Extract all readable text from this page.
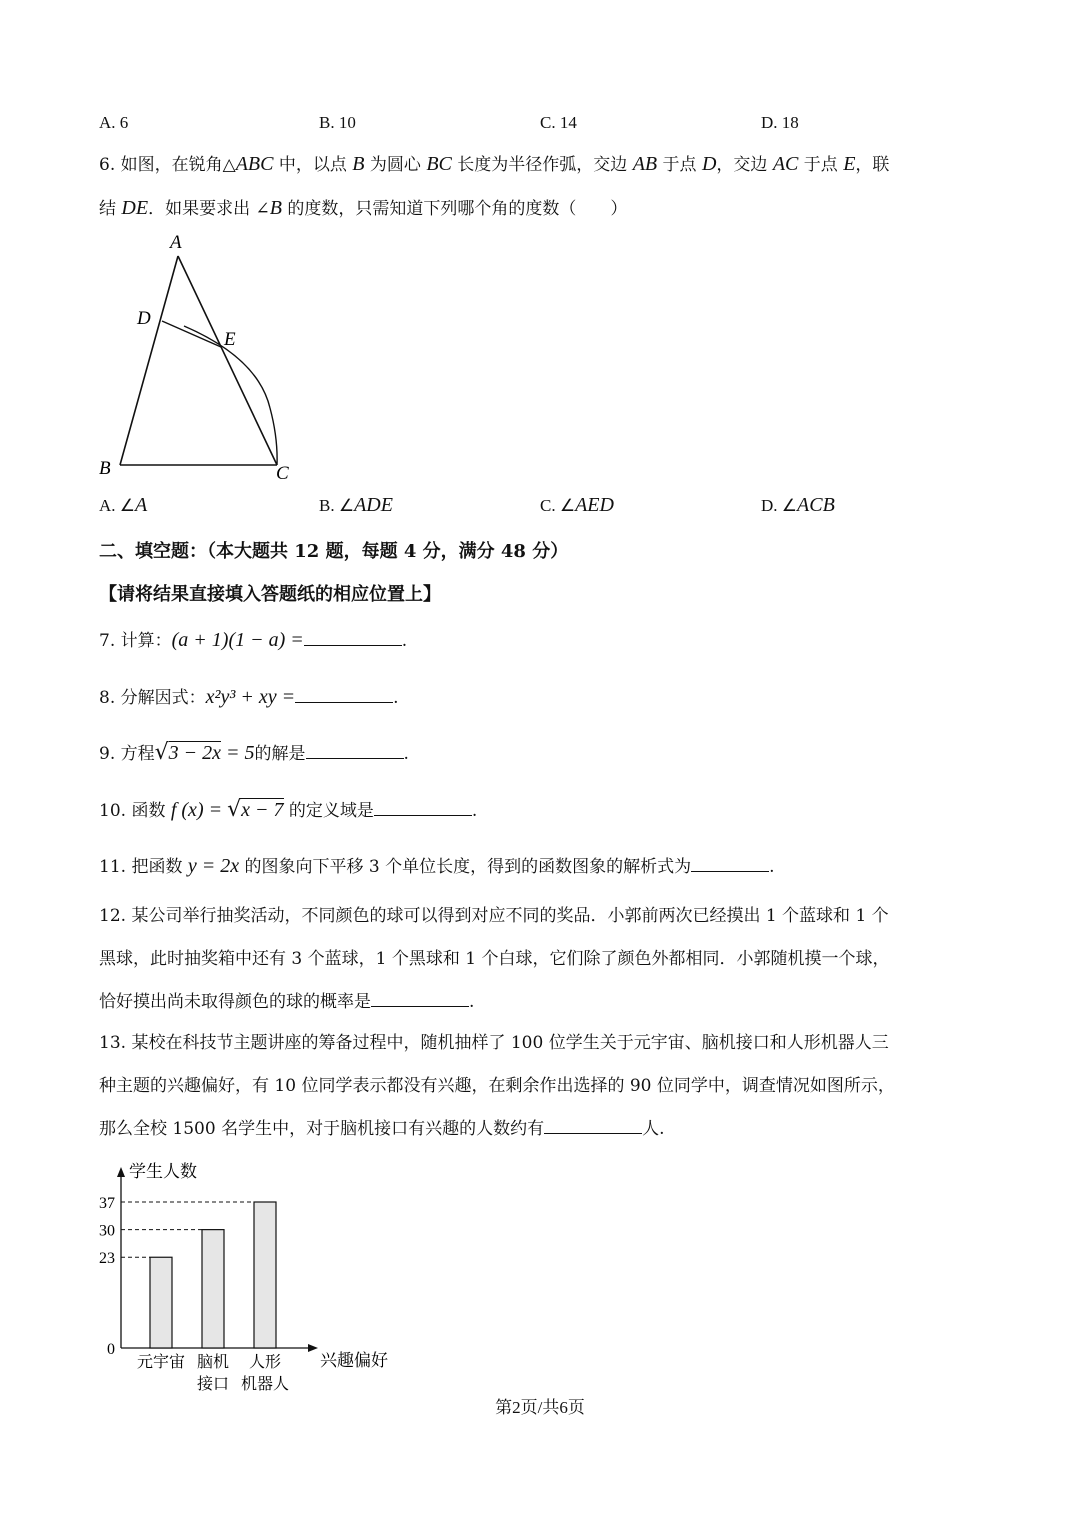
A. 6	B. 10	C. 14	D. 18
6. 如图，在锐角△ABC 中，以点 B 为圆心 BC 长度为半径作弧，交边 AB 于点 D，交边 AC 于点 E，联
结 DE．如果要求出 ∠B 的度数，只需知道下列哪个角的度数（　　）
A
D
E
B	C
A. ∠A	B. ∠ADE	C. ∠AED	D. ∠ACB
二、填空题：（本大题共 12 题，每题 4 分，满分 48 分）
【请将结果直接填入答题纸的相应位置上】
7. 计算：(a + 1)(1 − a) =	.
8. 分解因式：x²y³ + xy =	.
9. 方程√3 − 2x = 5的解是	.
10. 函数 f (x) = √x − 7 的定义域是	.
11. 把函数 y = 2x 的图象向下平移 3 个单位长度，得到的函数图象的解析式为	.
12. 某公司举行抽奖活动，不同颜色的球可以得到对应不同的奖品．小郭前两次已经摸出 1 个蓝球和 1 个
黑球，此时抽奖箱中还有 3 个蓝球，1 个黑球和 1 个白球，它们除了颜色外都相同．小郭随机摸一个球，
恰好摸出尚未取得颜色的球的概率是	.
13. 某校在科技节主题讲座的筹备过程中，随机抽样了 100 位学生关于元宇宙、脑机接口和人形机器人三
种主题的兴趣偏好，有 10 位同学表示都没有兴趣，在剩余作出选择的 90 位同学中，调查情况如图所示，
那么全校 1500 名学生中，对于脑机接口有兴趣的人数约有	人.
学生人数
兴趣偏好
0
23
30
37
元宇宙 脑机
接口
人形
机器人
第2页/共6页
